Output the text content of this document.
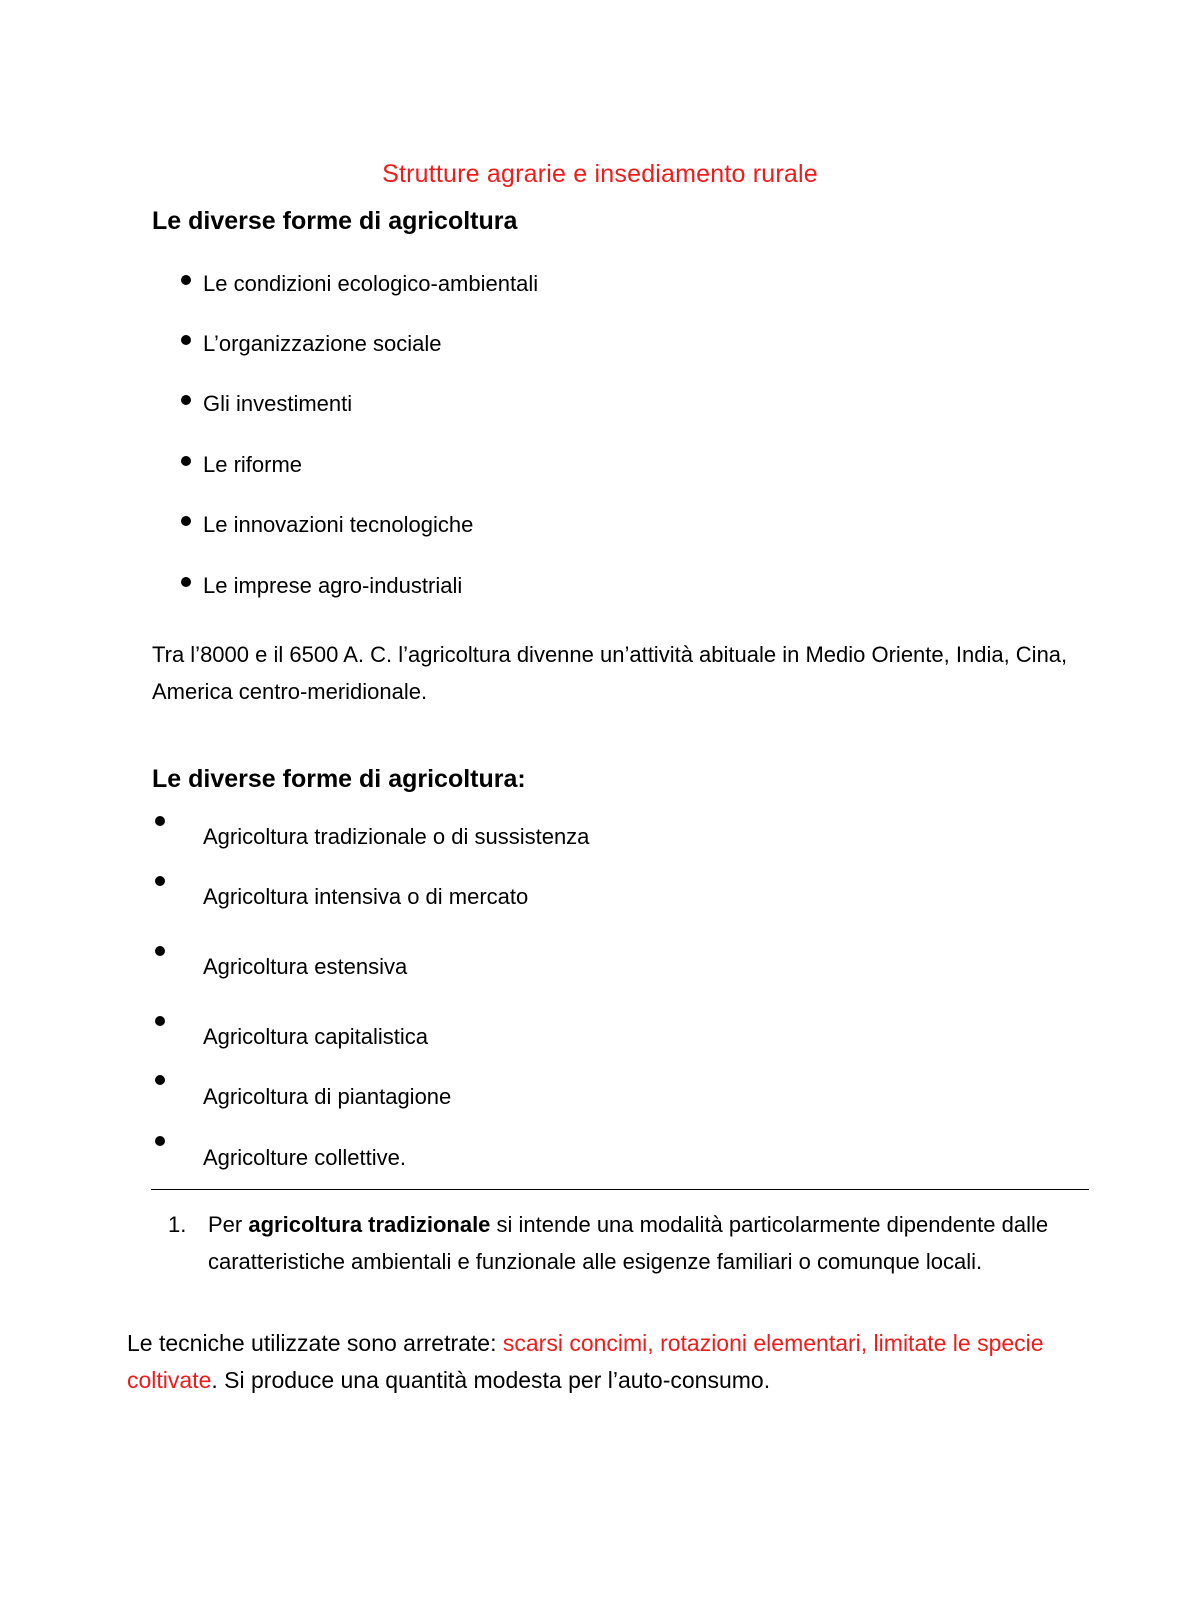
Strutture agrarie e insediamento rurale
Le diverse forme di agricoltura
Le condizioni ecologico-ambientali
L’organizzazione sociale
Gli investimenti
Le riforme
Le innovazioni tecnologiche
Le imprese agro-industriali
Tra l’8000 e il 6500 A. C. l’agricoltura divenne un’attività abituale in Medio Oriente, India, Cina, America centro-meridionale.
Le diverse forme di agricoltura:
Agricoltura tradizionale o di sussistenza
Agricoltura intensiva o di mercato
Agricoltura estensiva
Agricoltura capitalistica
Agricoltura di piantagione
Agricolture collettive.
1. Per agricoltura tradizionale si intende una modalità particolarmente dipendente dalle caratteristiche ambientali e funzionale alle esigenze familiari o comunque locali.
Le tecniche utilizzate sono arretrate: scarsi concimi, rotazioni elementari, limitate le specie coltivate. Si produce una quantità modesta per l’auto-consumo.
